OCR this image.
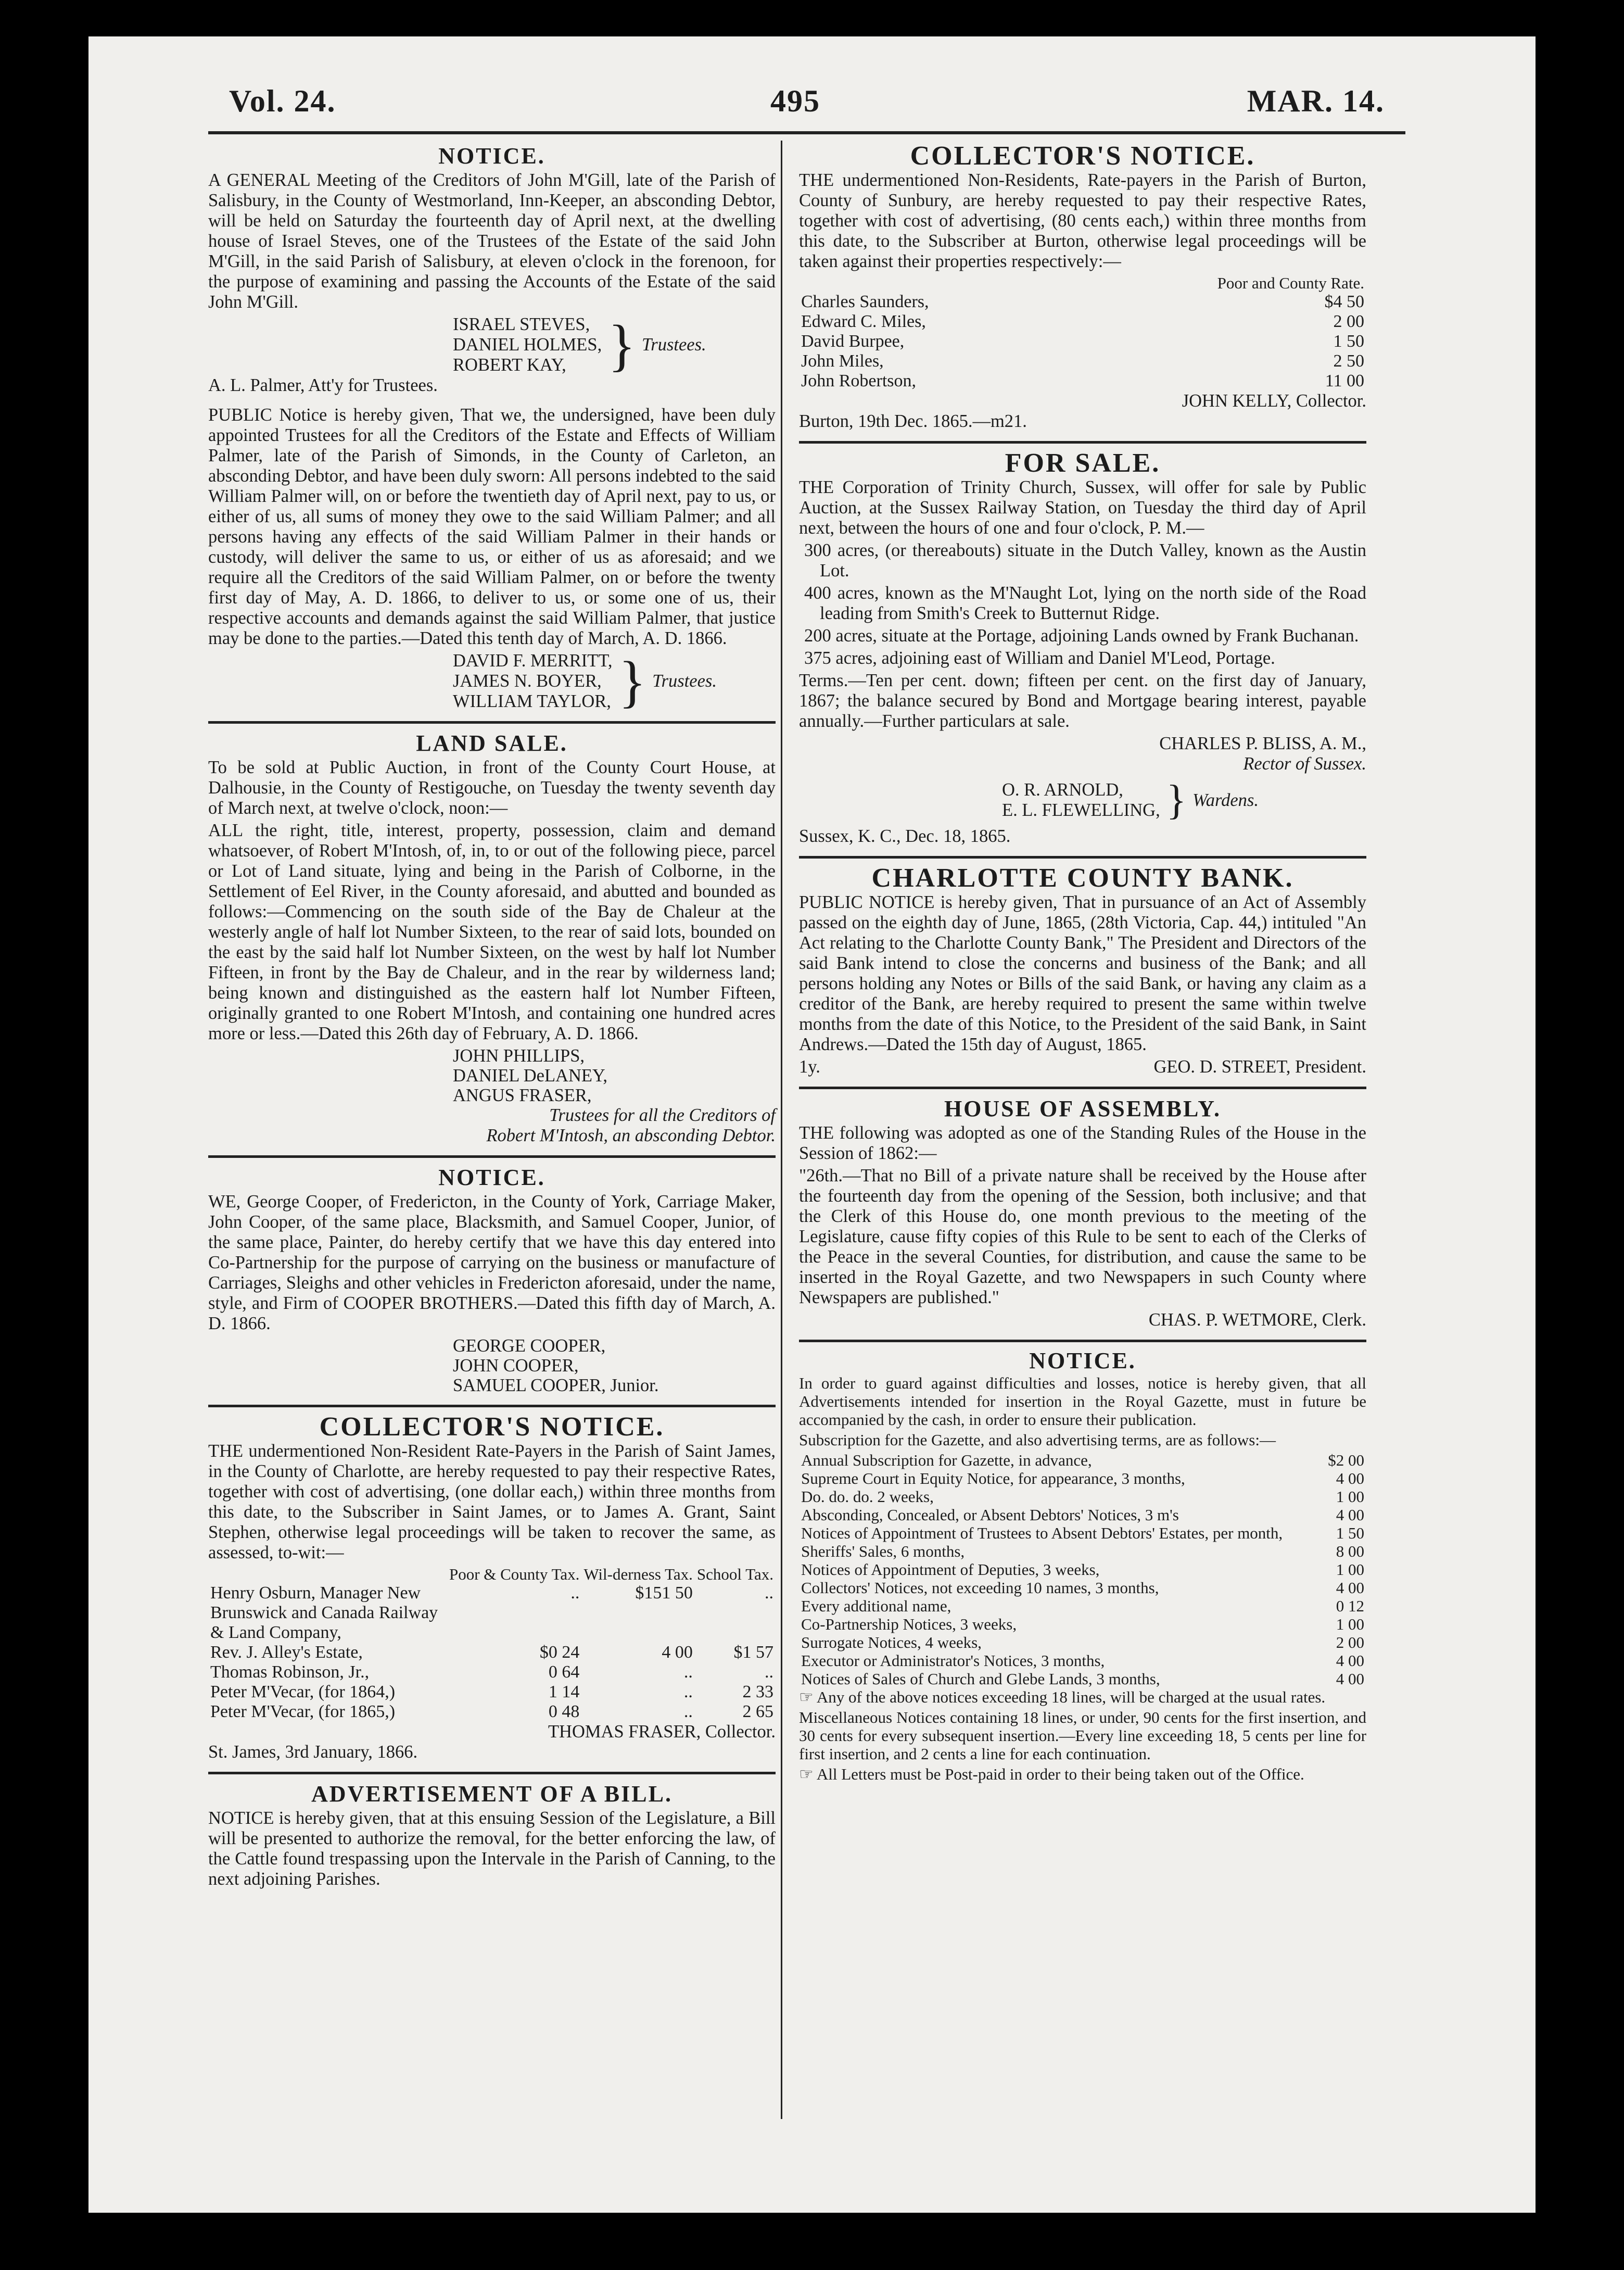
Vol. 24.	495	MAR. 14.
NOTICE.

A GENERAL Meeting of the Creditors of John M'Gill, late of the Parish of Salisbury, in the County of Westmorland, Inn-Keeper, an absconding Debtor, will be held on Saturday the fourteenth day of April next, at the dwelling house of Israel Steves, one of the Trustees of the Estate of the said John M'Gill, in the said Parish of Salisbury, at eleven o'clock in the forenoon, for the purpose of examining and passing the Accounts of the Estate of the said John M'Gill.

ISRAEL STEVES,
DANIEL HOLMES,
ROBERT KAY, } Trustees.

A. L. Palmer, Att'y for Trustees.

PUBLIC Notice is hereby given, That we, the undersigned, have been duly appointed Trustees for all the Creditors of the Estate and Effects of William Palmer, late of the Parish of Simonds, in the County of Carleton, an absconding Debtor, and have been duly sworn: All persons indebted to the said William Palmer will, on or before the twentieth day of April next, pay to us, or either of us, all sums of money they owe to the said William Palmer; and all persons having any effects of the said William Palmer in their hands or custody, will deliver the same to us, or either of us as aforesaid; and we require all the Creditors of the said William Palmer, on or before the twenty first day of May, A. D. 1866, to deliver to us, or some one of us, their respective accounts and demands against the said William Palmer, that justice may be done to the parties.—Dated this tenth day of March, A. D. 1866.

DAVID F. MERRITT,
JAMES N. BOYER,
WILLIAM TAYLOR, } Trustees.
LAND SALE.

To be sold at Public Auction, in front of the County Court House, at Dalhousie, in the County of Restigouche, on Tuesday the twenty seventh day of March next, at twelve o'clock, noon:—

ALL the right, title, interest, property, possession, claim and demand whatsoever, of Robert M'Intosh, of, in, to or out of the following piece, parcel or Lot of Land situate, lying and being in the Parish of Colborne, in the Settlement of Eel River, in the County aforesaid, and abutted and bounded as follows:—Commencing on the south side of the Bay de Chaleur at the westerly angle of half lot Number Sixteen, to the rear of said lots, bounded on the east by the said half lot Number Sixteen, on the west by half lot Number Fifteen, in front by the Bay de Chaleur, and in the rear by wilderness land; being known and distinguished as the eastern half lot Number Fifteen, originally granted to one Robert M'Intosh, and containing one hundred acres more or less.—Dated this 26th day of February, A. D. 1866.

JOHN PHILLIPS,
DANIEL DeLANEY,
ANGUS FRASER,
Trustees for all the Creditors of
Robert M'Intosh, an absconding Debtor.
NOTICE.

WE, George Cooper, of Fredericton, in the County of York, Carriage Maker, John Cooper, of the same place, Blacksmith, and Samuel Cooper, Junior, of the same place, Painter, do hereby certify that we have this day entered into Co-Partnership for the purpose of carrying on the business or manufacture of Carriages, Sleighs and other vehicles in Fredericton aforesaid, under the name, style, and Firm of COOPER BROTHERS.—Dated this fifth day of March, A. D. 1866.

GEORGE COOPER,
JOHN COOPER,
SAMUEL COOPER, Junior.
COLLECTOR'S NOTICE.

THE undermentioned Non-Resident Rate-Payers in the Parish of Saint James, in the County of Charlotte, are hereby requested to pay their respective Rates, together with cost of advertising, (one dollar each,) within three months from this date, to the Subscriber in Saint James, or to James A. Grant, Saint Stephen, otherwise legal proceedings will be taken to recover the same, as assessed, to-wit:—

	Poor & County Tax.	Wil-derness Tax.	School Tax.
Henry Osburn, Manager New Brunswick and Canada Railway & Land Company,	..	$151 50	..
Rev. J. Alley's Estate,	$0 24	4 00	$1 57
Thomas Robinson, Jr.,	0 64	..	..
Peter M'Vecar, (for 1864,)	1 14	..	2 33
Peter M'Vecar, (for 1865,)	0 48	..	2 65
THOMAS FRASER, Collector.
St. James, 3rd January, 1866.
ADVERTISEMENT OF A BILL.

NOTICE is hereby given, that at this ensuing Session of the Legislature, a Bill will be presented to authorize the removal, for the better enforcing the law, of the Cattle found trespassing upon the Intervale in the Parish of Canning, to the next adjoining Parishes.

COLLECTOR'S NOTICE.

THE undermentioned Non-Residents, Rate-payers in the Parish of Burton, County of Sunbury, are hereby requested to pay their respective Rates, together with cost of advertising, (80 cents each,) within three months from this date, to the Subscriber at Burton, otherwise legal proceedings will be taken against their properties respectively:—

	Poor and County Rate.
Charles Saunders,	$4 50
Edward C. Miles,	2 00
David Burpee,	1 50
John Miles,	2 50
John Robertson,	11 00
JOHN KELLY, Collector.
Burton, 19th Dec. 1865.—m21.
FOR SALE.

THE Corporation of Trinity Church, Sussex, will offer for sale by Public Auction, at the Sussex Railway Station, on Tuesday the third day of April next, between the hours of one and four o'clock, P. M.—

300 acres, (or thereabouts) situate in the Dutch Valley, known as the Austin Lot.

400 acres, known as the M'Naught Lot, lying on the north side of the Road leading from Smith's Creek to Butternut Ridge.

200 acres, situate at the Portage, adjoining Lands owned by Frank Buchanan.

375 acres, adjoining east of William and Daniel M'Leod, Portage.

Terms.—Ten per cent. down; fifteen per cent. on the first day of January, 1867; the balance secured by Bond and Mortgage bearing interest, payable annually.—Further particulars at sale.

CHARLES P. BLISS, A. M.,
Rector of Sussex.
O. R. ARNOLD,
E. L. FLEWELLING, } Wardens.
Sussex, K. C., Dec. 18, 1865.
CHARLOTTE COUNTY BANK.

PUBLIC NOTICE is hereby given, That in pursuance of an Act of Assembly passed on the eighth day of June, 1865, (28th Victoria, Cap. 44,) intituled "An Act relating to the Charlotte County Bank," The President and Directors of the said Bank intend to close the concerns and business of the Bank; and all persons holding any Notes or Bills of the said Bank, or having any claim as a creditor of the Bank, are hereby required to present the same within twelve months from the date of this Notice, to the President of the said Bank, in Saint Andrews.—Dated the 15th day of August, 1865.

1y.	GEO. D. STREET, President.
HOUSE OF ASSEMBLY.

THE following was adopted as one of the Standing Rules of the House in the Session of 1862:—

"26th.—That no Bill of a private nature shall be received by the House after the fourteenth day from the opening of the Session, both inclusive; and that the Clerk of this House do, one month previous to the meeting of the Legislature, cause fifty copies of this Rule to be sent to each of the Clerks of the Peace in the several Counties, for distribution, and cause the same to be inserted in the Royal Gazette, and two Newspapers in such County where Newspapers are published."

CHAS. P. WETMORE, Clerk.
NOTICE.

In order to guard against difficulties and losses, notice is hereby given, that all Advertisements intended for insertion in the Royal Gazette, must in future be accompanied by the cash, in order to ensure their publication.

Subscription for the Gazette, and also advertising terms, are as follows:—

Annual Subscription for Gazette, in advance,	$2 00
Supreme Court in Equity Notice, for appearance, 3 months,	4 00
Do. do. do. 2 weeks,	1 00
Absconding, Concealed, or Absent Debtors' Notices, 3 m's	4 00
Notices of Appointment of Trustees to Absent Debtors' Estates, per month,	1 50
Sheriffs' Sales, 6 months,	8 00
Notices of Appointment of Deputies, 3 weeks,	1 00
Collectors' Notices, not exceeding 10 names, 3 months,	4 00
Every additional name,	0 12
Co-Partnership Notices, 3 weeks,	1 00
Surrogate Notices, 4 weeks,	2 00
Executor or Administrator's Notices, 3 months,	4 00
Notices of Sales of Church and Glebe Lands, 3 months,	4 00

☞ Any of the above notices exceeding 18 lines, will be charged at the usual rates.

Miscellaneous Notices containing 18 lines, or under, 90 cents for the first insertion, and 30 cents for every subsequent insertion.—Every line exceeding 18, 5 cents per line for first insertion, and 2 cents a line for each continuation.

☞ All Letters must be Post-paid in order to their being taken out of the Office.
